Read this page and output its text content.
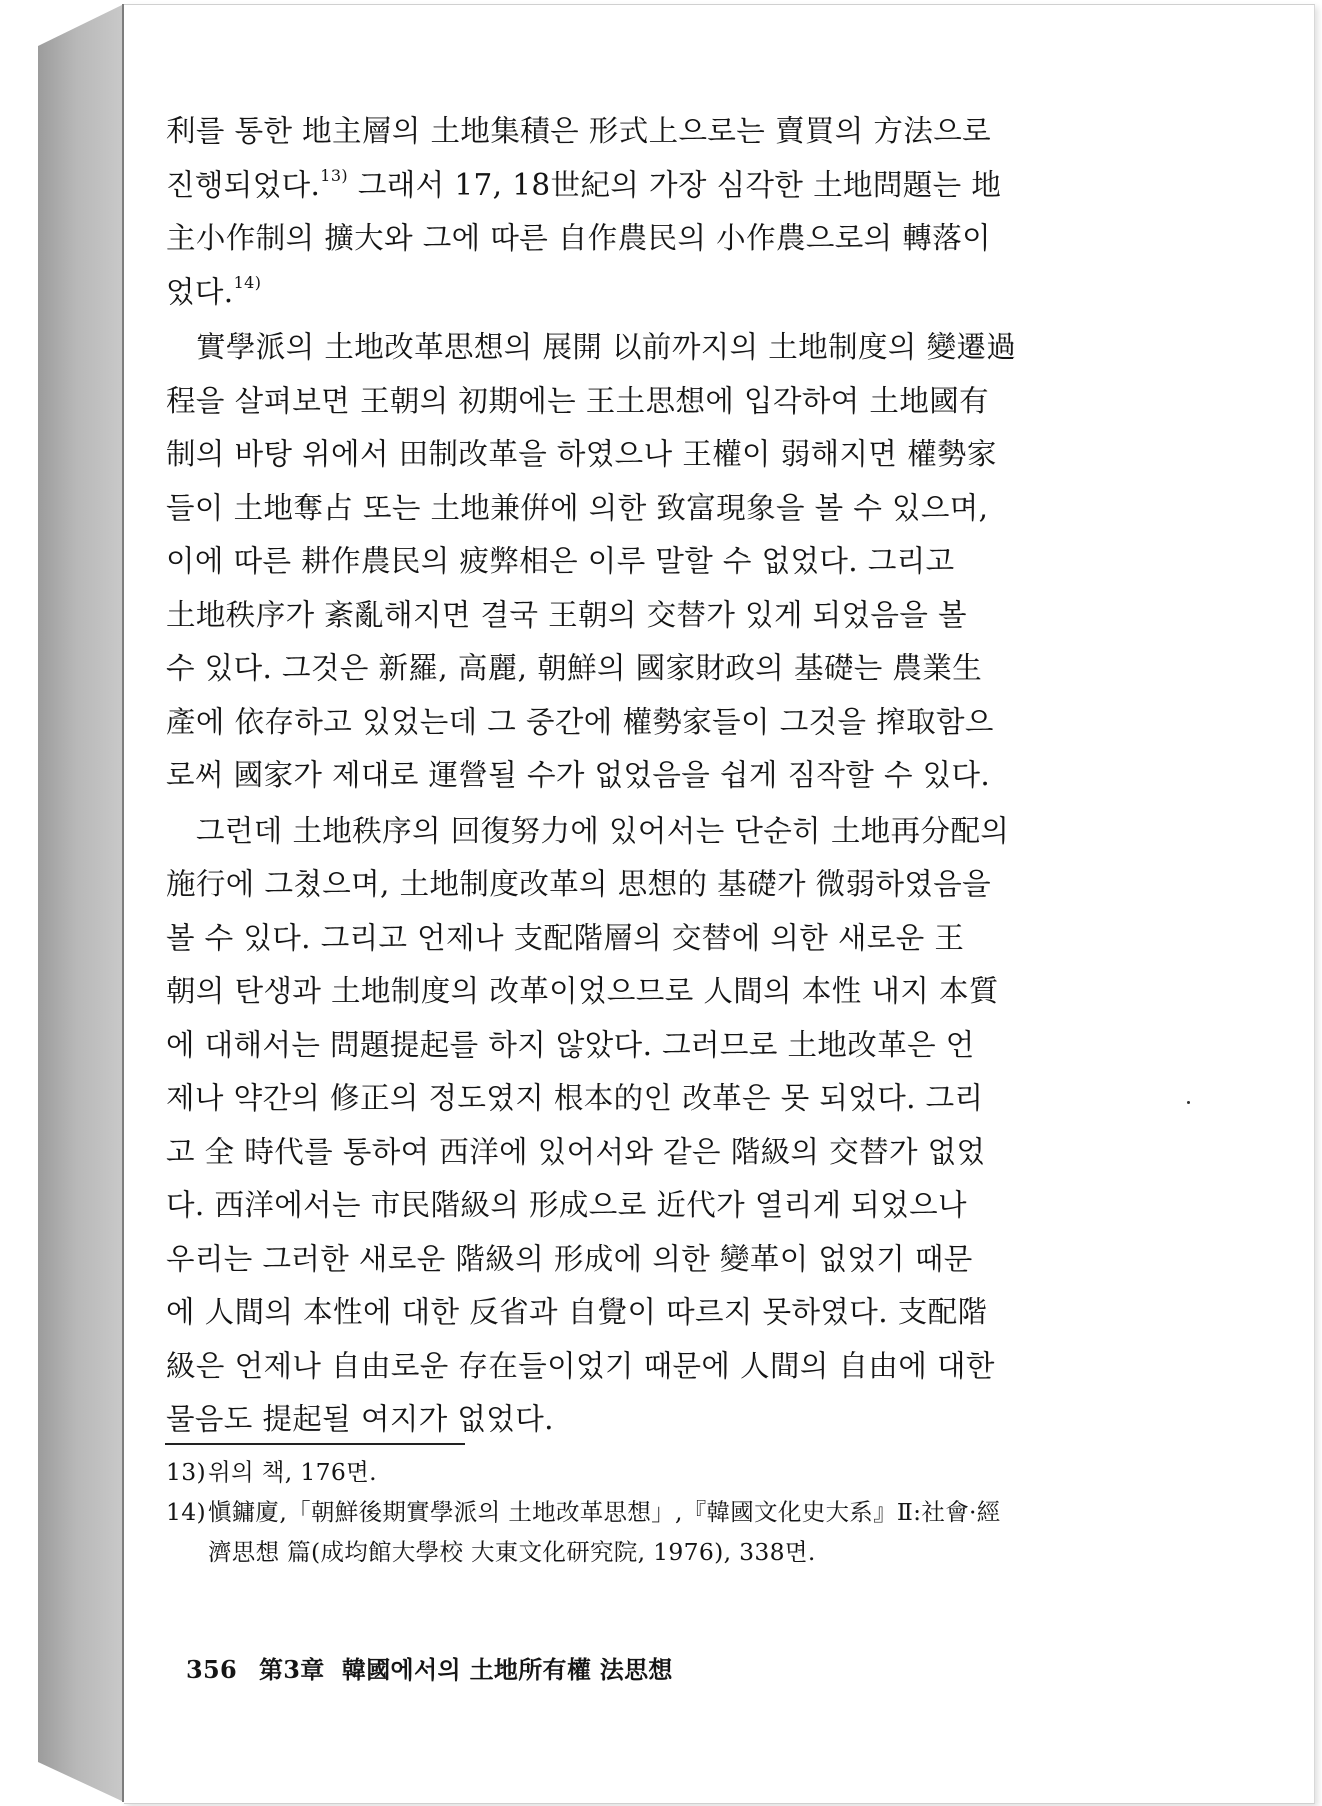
利를 통한 地主層의 土地集積은 形式上으로는 賣買의 方法으로
진행되었다.$^{13)}$ 그래서 17, 18世紀의 가장 심각한 土地問題는 地
主小作制의 擴大와 그에 따른 自作農民의 小作農으로의 轉落이
었다.$^{14)}$
實學派의 土地改革思想의 展開 以前까지의 土地制度의 變遷過
程을 살펴보면 王朝의 初期에는 王土思想에 입각하여 土地國有
制의 바탕 위에서 田制改革을 하였으나 王權이 弱해지면 權勢家
들이 土地奪占 또는 土地兼倂에 의한 致富現象을 볼 수 있으며,
이에 따른 耕作農民의 疲弊相은 이루 말할 수 없었다. 그리고
土地秩序가 紊亂해지면 결국 王朝의 交替가 있게 되었음을 볼
수 있다. 그것은 新羅, 高麗, 朝鮮의 國家財政의 基礎는 農業生
產에 依存하고 있었는데 그 중간에 權勢家들이 그것을 搾取함으
로써 國家가 제대로 運營될 수가 없었음을 쉽게 짐작할 수 있다.
그런데 土地秩序의 回復努力에 있어서는 단순히 土地再分配의
施行에 그쳤으며, 土地制度改革의 思想的 基礎가 微弱하였음을
볼 수 있다. 그리고 언제나 支配階層의 交替에 의한 새로운 王
朝의 탄생과 土地制度의 改革이었으므로 人間의 本性 내지 本質
에 대해서는 問題提起를 하지 않았다. 그러므로 土地改革은 언
제나 약간의 修正의 정도였지 根本的인 改革은 못 되었다. 그리
고 全 時代를 통하여 西洋에 있어서와 같은 階級의 交替가 없었
다. 西洋에서는 市民階級의 形成으로 近代가 열리게 되었으나
우리는 그러한 새로운 階級의 形成에 의한 變革이 없었기 때문
에 人間의 本性에 대한 反省과 自覺이 따르지 못하였다. 支配階
級은 언제나 自由로운 存在들이었기 때문에 人間의 自由에 대한
물음도 提起될 여지가 없었다.
13)위의 책, 176면.
14)愼鏞廈,「朝鮮後期實學派의 土地改革思想」,『韓國文化史大系』Ⅱ:社會·經
濟思想 篇(成均館大學校 大東文化研究院, 1976), 338면.
356 第3章 韓國에서의 土地所有權 法思想
